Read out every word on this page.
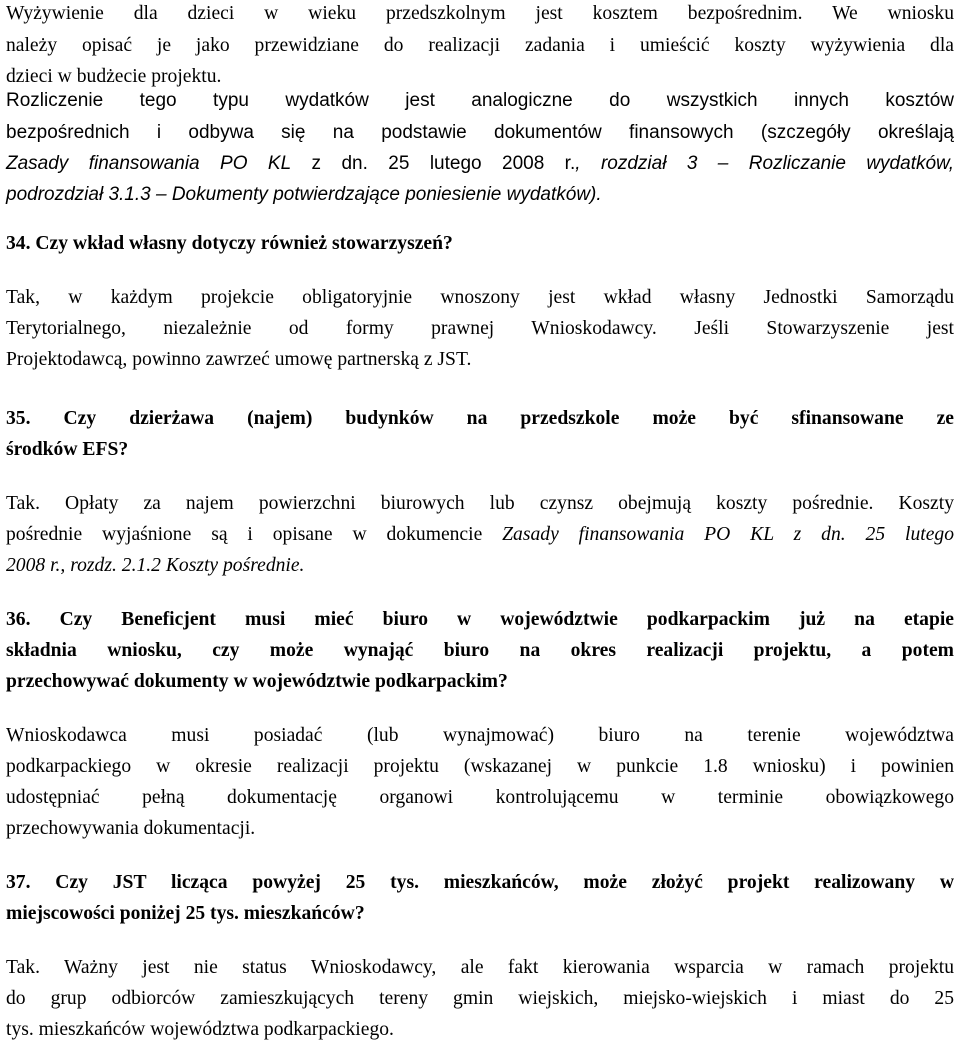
Wyżywienie dla dzieci w wieku przedszkolnym jest kosztem bezpośrednim. We wniosku
należy opisać je jako przewidziane do realizacji zadania i umieścić koszty wyżywienia dla
dzieci w budżecie projektu.
Rozliczenie tego typu wydatków jest analogiczne do wszystkich innych kosztów
bezpośrednich i odbywa się na podstawie dokumentów finansowych (szczegóły określają
Zasady finansowania PO KL z dn. 25 lutego 2008 r., rozdział 3 – Rozliczanie wydatków,
podrozdział 3.1.3 – Dokumenty potwierdzające poniesienie wydatków).
34. Czy wkład własny dotyczy również stowarzyszeń?
Tak, w każdym projekcie obligatoryjnie wnoszony jest wkład własny Jednostki Samorządu
Terytorialnego, niezależnie od formy prawnej Wnioskodawcy. Jeśli Stowarzyszenie jest
Projektodawcą, powinno zawrzeć umowę partnerską z JST.
35. Czy dzierżawa (najem) budynków na przedszkole może być sfinansowane ze
środków EFS?
Tak. Opłaty za najem powierzchni biurowych lub czynsz obejmują koszty pośrednie. Koszty
pośrednie wyjaśnione są i opisane w dokumencie Zasady finansowania PO KL z dn. 25 lutego
2008 r., rozdz. 2.1.2 Koszty pośrednie.
36. Czy Beneficjent musi mieć biuro w województwie podkarpackim już na etapie
składnia wniosku, czy może wynająć biuro na okres realizacji projektu, a potem
przechowywać dokumenty w województwie podkarpackim?
Wnioskodawca musi posiadać (lub wynajmować) biuro na terenie województwa
podkarpackiego w okresie realizacji projektu (wskazanej w punkcie 1.8 wniosku) i powinien
udostępniać pełną dokumentację organowi kontrolującemu w terminie obowiązkowego
przechowywania dokumentacji.
37. Czy JST licząca powyżej 25 tys. mieszkańców, może złożyć projekt realizowany w
miejscowości poniżej 25 tys. mieszkańców?
Tak. Ważny jest nie status Wnioskodawcy, ale fakt kierowania wsparcia w ramach projektu
do grup odbiorców zamieszkujących tereny gmin wiejskich, miejsko-wiejskich i miast do 25
tys. mieszkańców województwa podkarpackiego.
